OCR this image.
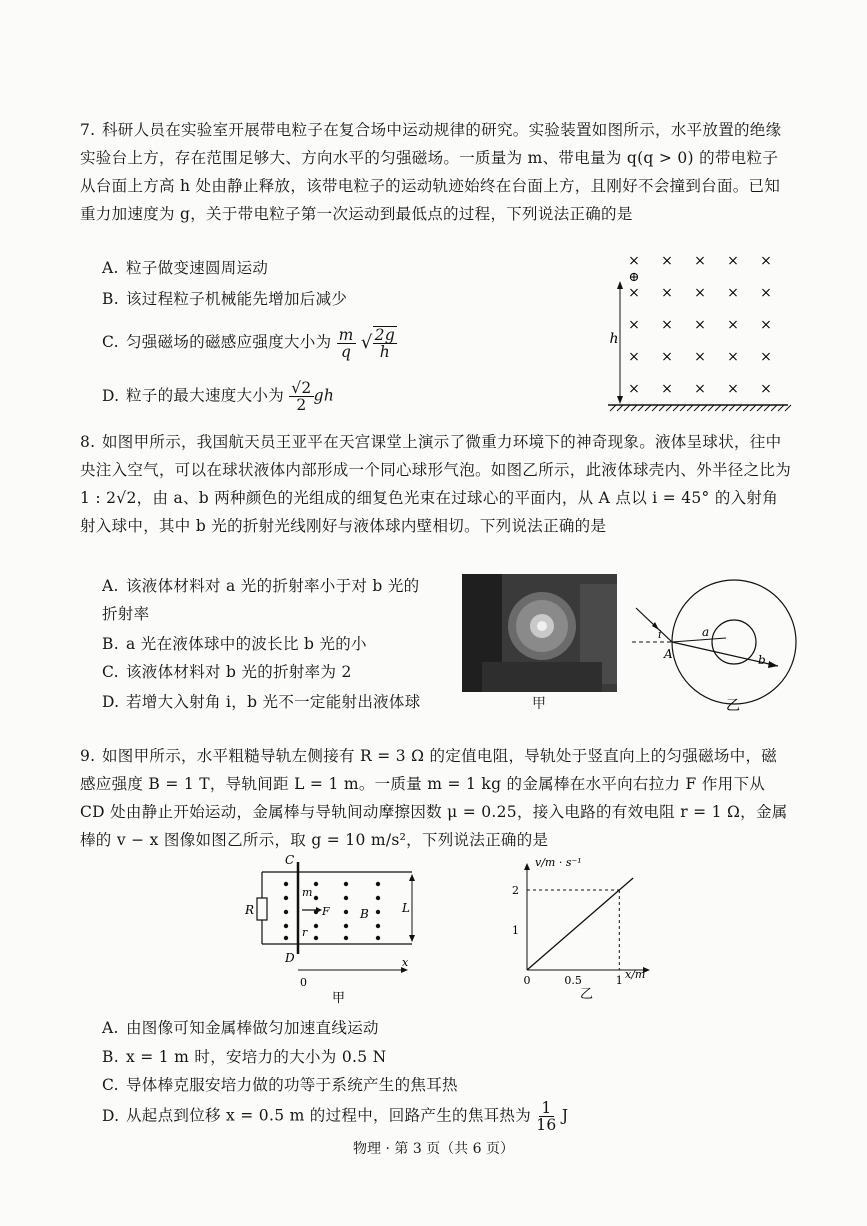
7. 科研人员在实验室开展带电粒子在复合场中运动规律的研究。实验装置如图所示，水平放置的绝缘实验台上方，存在范围足够大、方向水平的匀强磁场。一质量为 m、带电量为 q(q > 0) 的带电粒子从台面上方高 h 处由静止释放，该带电粒子的运动轨迹始终在台面上方，且刚好不会撞到台面。已知重力加速度为 g，关于带电粒子第一次运动到最低点的过程，下列说法正确的是

A. 粒子做变速圆周运动
B. 该过程粒子机械能先增加后减少
C. 匀强磁场的磁感应强度大小为 $\frac{m}{q}$ √ $\frac{2g}{h}$
D. 粒子的最大速度大小为 $\frac{√2}{2}$ gh
× × × × ×
× × × × ×
× × × × ×
× × × × ×
× × × × ×
⊕
h

8. 如图甲所示，我国航天员王亚平在天宫课堂上演示了微重力环境下的神奇现象。液体呈球状，往中央注入空气，可以在球状液体内部形成一个同心球形气泡。如图乙所示，此液体球壳内、外半径之比为 1 : 2√2，由 a、b 两种颜色的光组成的细复色光束在过球心的平面内，从 A 点以 i = 45° 的入射角射入球中，其中 b 光的折射光线刚好与液体球内壁相切。下列说法正确的是

A. 该液体材料对 a 光的折射率小于对 b 光的折射率
B. a 光在液体球中的波长比 b 光的小
C. 该液体材料对 b 光的折射率为 2
D. 若增大入射角 i，b 光不一定能射出液体球	甲
i
A
a
b
乙

9. 如图甲所示，水平粗糙导轨左侧接有 R = 3 Ω 的定值电阻，导轨处于竖直向上的匀强磁场中，磁感应强度 B = 1 T，导轨间距 L = 1 m。一质量 m = 1 kg 的金属棒在水平向右拉力 F 作用下从 CD 处由静止开始运动，金属棒与导轨间动摩擦因数 μ = 0.25，接入电路的有效电阻 r = 1 Ω，金属棒的 v − x 图像如图乙所示，取 g = 10 m/s²，下列说法正确的是

R
C
D
m
F
r
B	L
x
0
甲
v/m · s⁻¹
x/m
1
2
0	0.5	1
乙
A. 由图像可知金属棒做匀加速直线运动
B. x = 1 m 时，安培力的大小为 0.5 N
C. 导体棒克服安培力做的功等于系统产生的焦耳热
D. 从起点到位移 x = 0.5 m 的过程中，回路产生的焦耳热为 $\frac{1}{16}$ J
物理 · 第 3 页（共 6 页）
